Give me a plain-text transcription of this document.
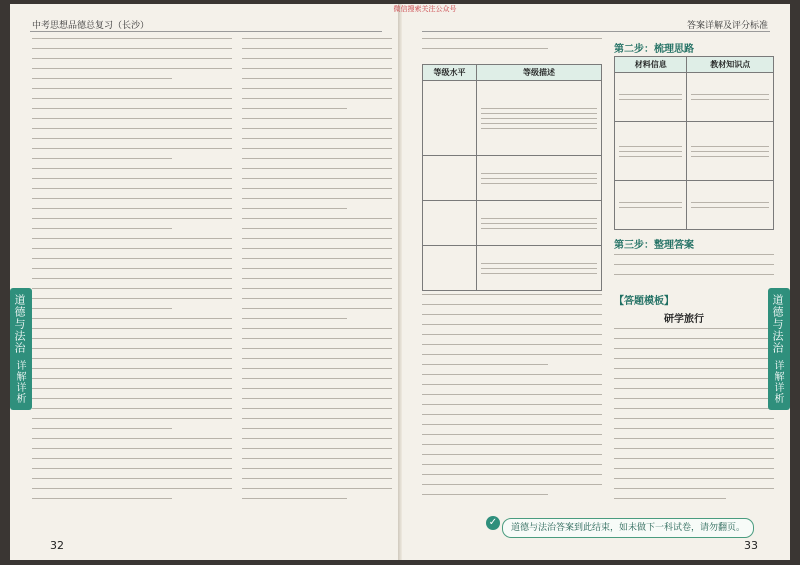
中考思想品德总复习（长沙）
32
道德与法治
详解详析
答案详解及评分标准
等级水平	等级描述

第二步：梳理思路
材料信息	教材知识点

第三步：整理答案
【答题模板】
研学旅行
✓	道德与法治答案到此结束，如未做下一科试卷，请勿翻页。
33
道德与法治
详解详析
微信搜索关注公众号
